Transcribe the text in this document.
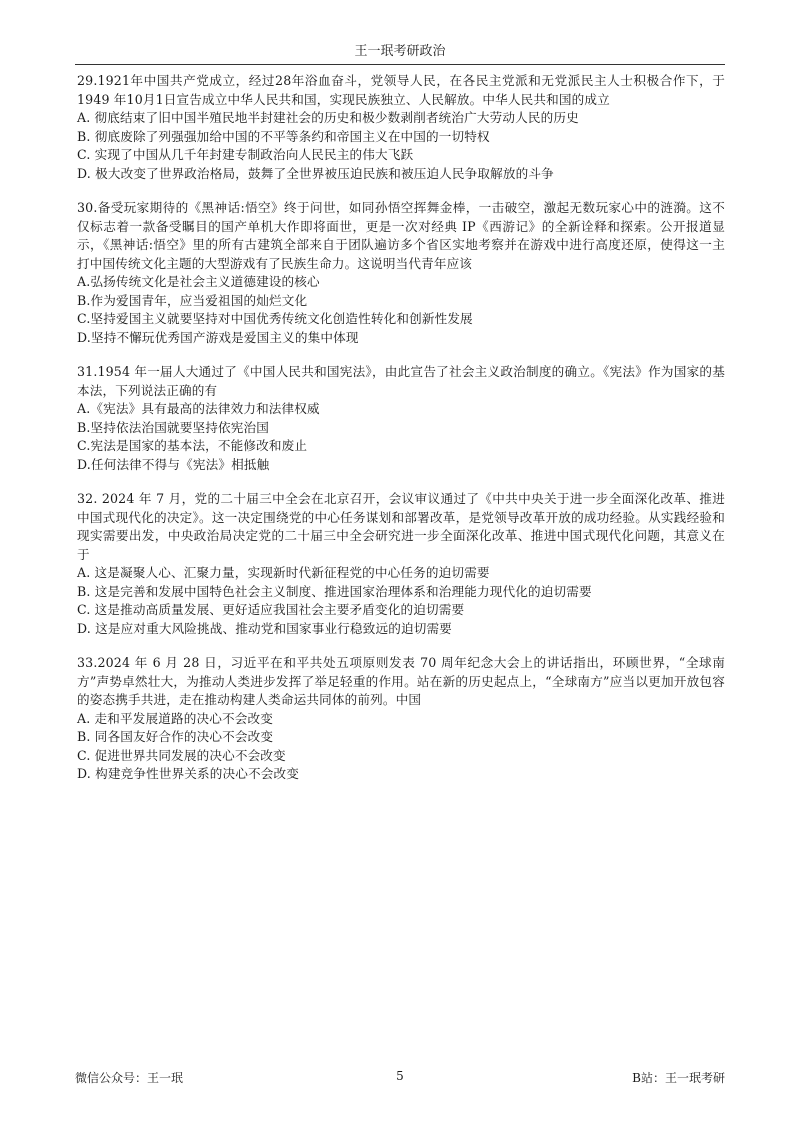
王一珉考研政治

29.1921年中国共产党成立，经过28年浴血奋斗，党领导人民，在各民主党派和无党派民主人士积极合作下，于 1949 年10月1日宣告成立中华人民共和国，实现民族独立、人民解放。中华人民共和国的成立

A. 彻底结束了旧中国半殖民地半封建社会的历史和极少数剥削者统治广大劳动人民的历史
B. 彻底废除了列强强加给中国的不平等条约和帝国主义在中国的一切特权
C. 实现了中国从几千年封建专制政治向人民民主的伟大飞跃
D. 极大改变了世界政治格局，鼓舞了全世界被压迫民族和被压迫人民争取解放的斗争

30.备受玩家期待的《黑神话:悟空》终于问世，如同孙悟空挥舞金棒，一击破空，激起无数玩家心中的涟漪。这不仅标志着一款备受瞩目的国产单机大作即将面世，更是一次对经典 IP《西游记》的全新诠释和探索。公开报道显示，《黑神话:悟空》里的所有古建筑全部来自于团队遍访多个省区实地考察并在游戏中进行高度还原，使得这一主打中国传统文化主题的大型游戏有了民族生命力。这说明当代青年应该

A.弘扬传统文化是社会主义道德建设的核心
B.作为爱国青年，应当爱祖国的灿烂文化
C.坚持爱国主义就要坚持对中国优秀传统文化创造性转化和创新性发展
D.坚持不懈玩优秀国产游戏是爱国主义的集中体现

31.1954 年一届人大通过了《中国人民共和国宪法》，由此宣告了社会主义政治制度的确立。《宪法》作为国家的基本法，下列说法正确的有

A.《宪法》具有最高的法律效力和法律权威
B.坚持依法治国就要坚持依宪治国
C.宪法是国家的基本法，不能修改和废止
D.任何法律不得与《宪法》相抵触

32. 2024 年 7 月，党的二十届三中全会在北京召开，会议审议通过了《中共中央关于进一步全面深化改革、推进中国式现代化的决定》。这一决定围绕党的中心任务谋划和部署改革，是党领导改革开放的成功经验。从实践经验和现实需要出发，中央政治局决定党的二十届三中全会研究进一步全面深化改革、推进中国式现代化问题，其意义在于

A. 这是凝聚人心、汇聚力量，实现新时代新征程党的中心任务的迫切需要
B. 这是完善和发展中国特色社会主义制度、推进国家治理体系和治理能力现代化的迫切需要
C. 这是推动高质量发展、更好适应我国社会主要矛盾变化的迫切需要
D. 这是应对重大风险挑战、推动党和国家事业行稳致远的迫切需要

33.2024 年 6 月 28 日，习近平在和平共处五项原则发表 70 周年纪念大会上的讲话指出，环顾世界，“全球南方”声势卓然壮大，为推动人类进步发挥了举足轻重的作用。站在新的历史起点上，“全球南方”应当以更加开放包容的姿态携手共进，走在推动构建人类命运共同体的前列。中国

A. 走和平发展道路的决心不会改变
B. 同各国友好合作的决心不会改变
C. 促进世界共同发展的决心不会改变
D. 构建竞争性世界关系的决心不会改变
微信公众号：王一珉	5	B站：王一珉考研
